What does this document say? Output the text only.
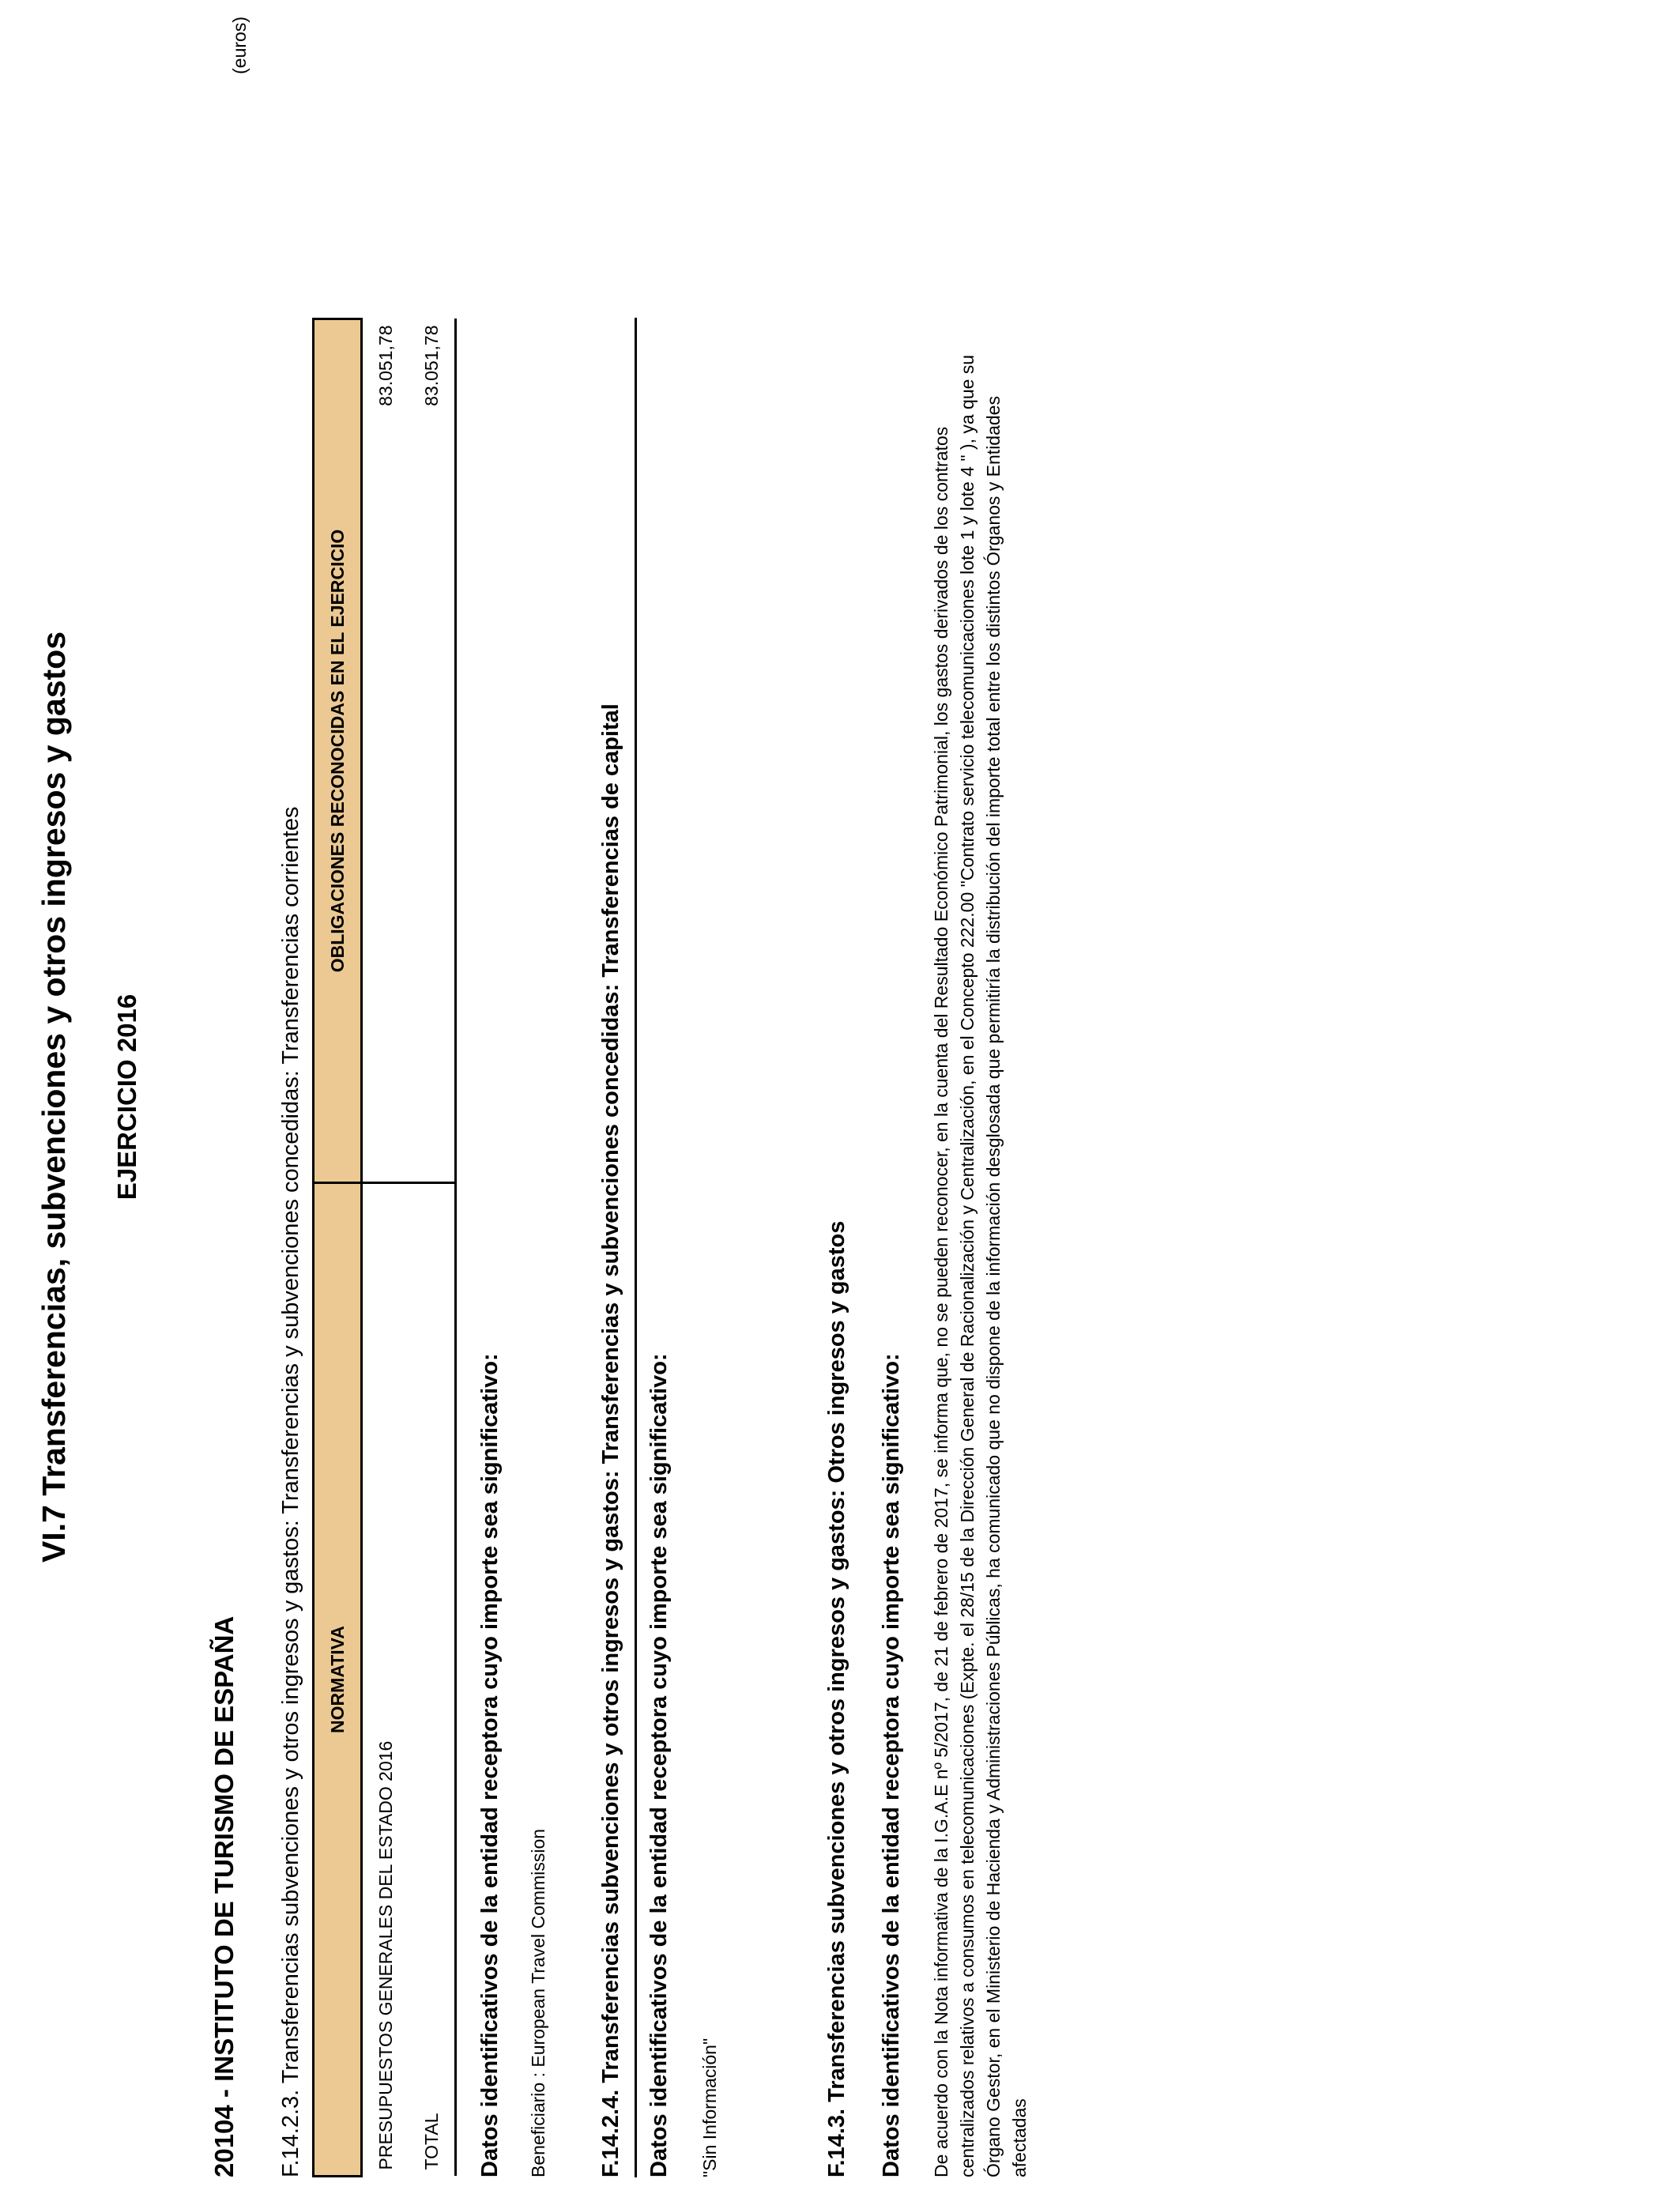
VI.7 Transferencias, subvenciones y otros ingresos y gastos EJERCICIO 2016
(euros)
20104 - INSTITUTO DE TURISMO DE ESPAÑA F.14.2.3. Transferencias subvenciones y otros ingresos y gastos: Transferencias y subvenciones concedidas: Transferencias corrientes NORMATIVA	OBLIGACIONES RECONOCIDAS EN EL EJERCICIO
PRESUPUESTOS GENERALES DEL ESTADO 2016	83.051,78
TOTAL	83.051,78
Datos identificativos de la entidad receptora cuyo importe sea significativo: Beneficiario : European Travel Commission F.14.2.4. Transferencias subvenciones y otros ingresos y gastos: Transferencias y subvenciones concedidas: Transferencias de capital Datos identificativos de la entidad receptora cuyo importe sea significativo: "Sin Información"	F.14.3. Transferencias subvenciones y otros ingresos y gastos: Otros ingresos y gastos Datos identificativos de la entidad receptora cuyo importe sea significativo: De acuerdo con la Nota informativa de la I.G.A.E nº 5/2017, de 21 de febrero de 2017, se informa que, no se pueden reconocer, en la cuenta del Resultado Económico Patrimonial, los gastos derivados de los contratos centralizados relativos a consumos en telecomunicaciones (Expte. el 28/15 de la Dirección General de Racionalización y Centralización, en el Concepto 222.00 "Contrato servicio telecomunicaciones lote 1 y lote 4 " ), ya que su Órgano Gestor, en el Ministerio de Hacienda y Administraciones Públicas, ha comunicado que no dispone de la información desglosada que permitiría la distribución del importe total entre los distintos Órganos y Entidades afectadas
